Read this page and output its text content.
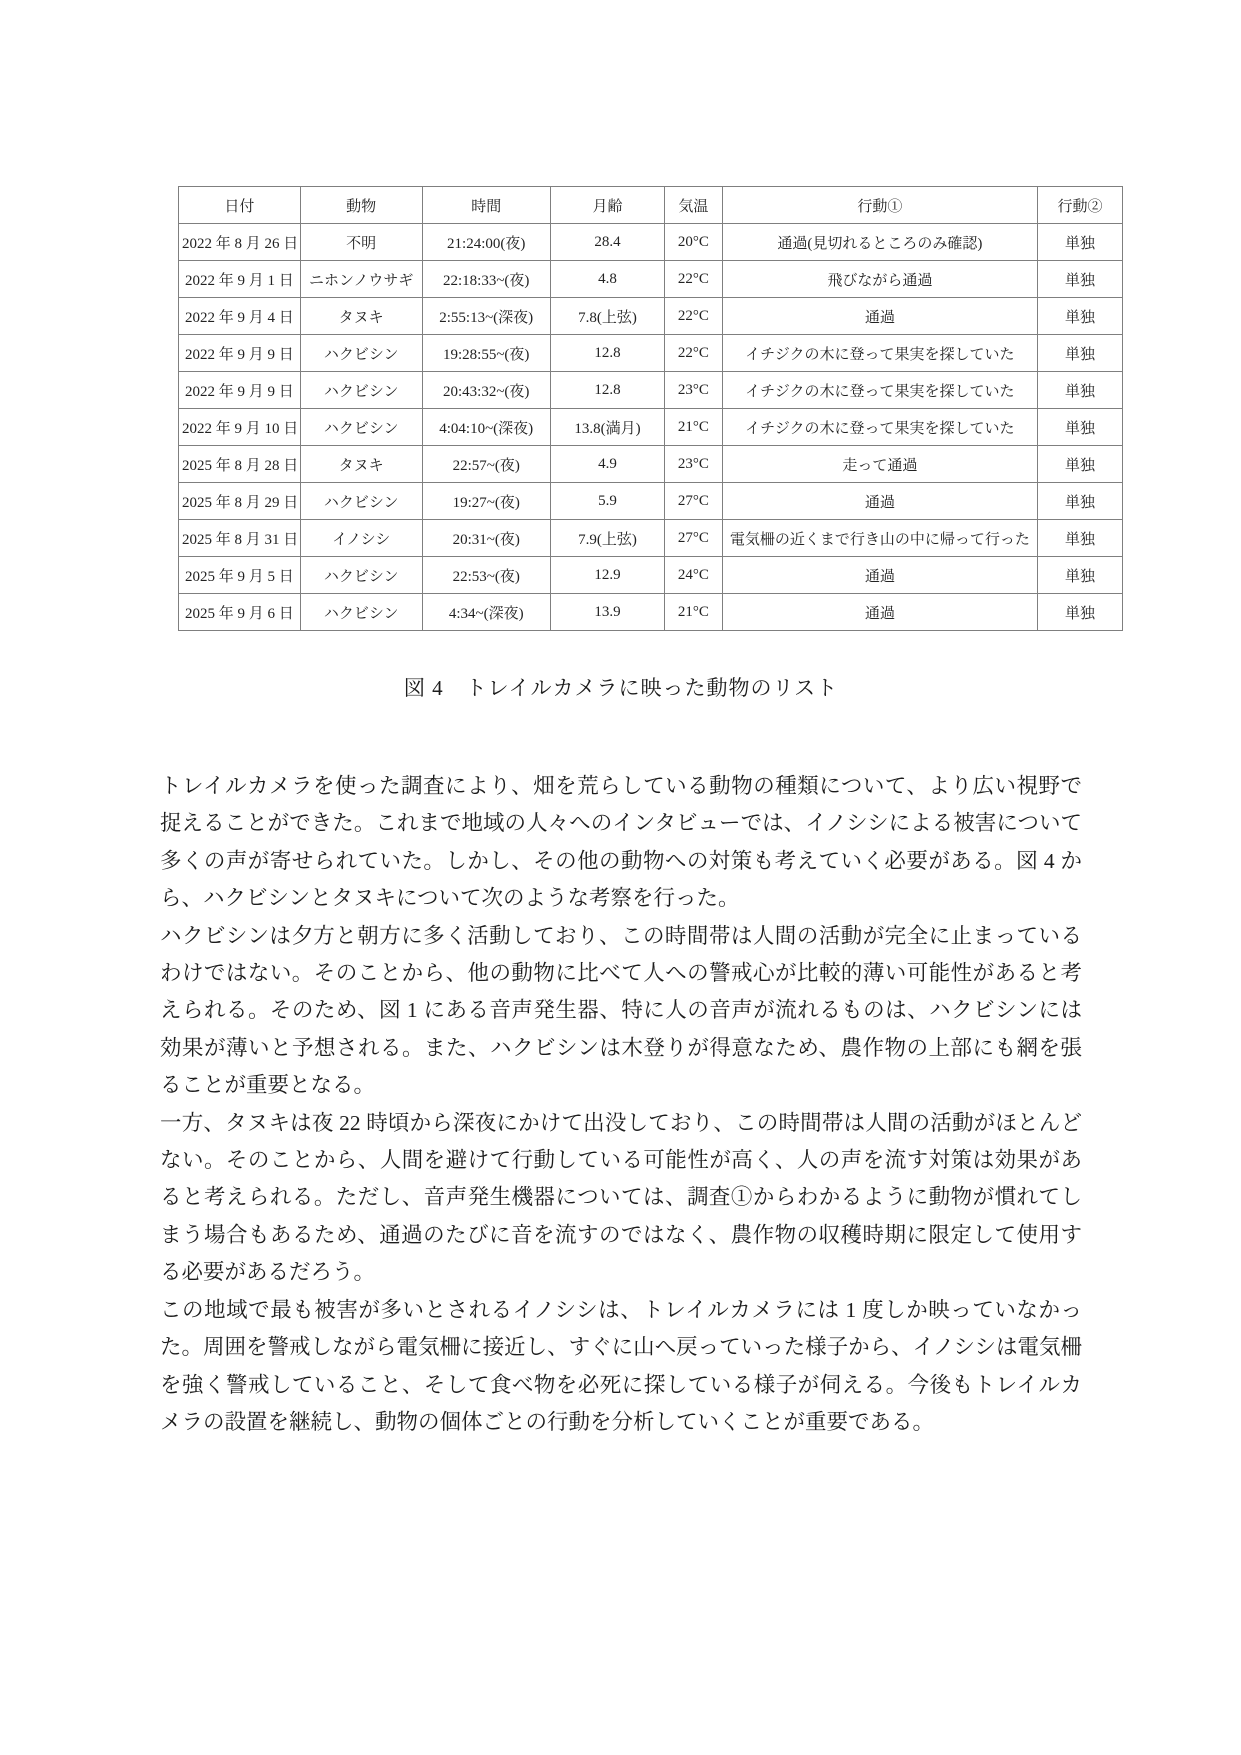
日付	動物	時間	月齢	気温	行動①	行動②
2022 年 8 月 26 日	不明	21:24:00(夜)	28.4	20°C	通過(見切れるところのみ確認)	単独
2022 年 9 月 1 日	ニホンノウサギ	22:18:33~(夜)	4.8	22°C	飛びながら通過	単独
2022 年 9 月 4 日	タヌキ	2:55:13~(深夜)	7.8(上弦)	22°C	通過	単独
2022 年 9 月 9 日	ハクビシン	19:28:55~(夜)	12.8	22°C	イチジクの木に登って果実を探していた	単独
2022 年 9 月 9 日	ハクビシン	20:43:32~(夜)	12.8	23°C	イチジクの木に登って果実を探していた	単独
2022 年 9 月 10 日	ハクビシン	4:04:10~(深夜)	13.8(満月)	21°C	イチジクの木に登って果実を探していた	単独
2025 年 8 月 28 日	タヌキ	22:57~(夜)	4.9	23°C	走って通過	単独
2025 年 8 月 29 日	ハクビシン	19:27~(夜)	5.9	27°C	通過	単独
2025 年 8 月 31 日	イノシシ	20:31~(夜)	7.9(上弦)	27°C	電気柵の近くまで行き山の中に帰って行った	単独
2025 年 9 月 5 日	ハクビシン	22:53~(夜)	12.9	24°C	通過	単独
2025 年 9 月 6 日	ハクビシン	4:34~(深夜)	13.9	21°C	通過	単独
図 4　トレイルカメラに映った動物のリスト

トレイルカメラを使った調査により、畑を荒らしている動物の種類について、より広い視野で捉えることができた。これまで地域の人々へのインタビューでは、イノシシによる被害について多くの声が寄せられていた。しかし、その他の動物への対策も考えていく必要がある。図 4 から、ハクビシンとタヌキについて次のような考察を行った。

ハクビシンは夕方と朝方に多く活動しており、この時間帯は人間の活動が完全に止まっているわけではない。そのことから、他の動物に比べて人への警戒心が比較的薄い可能性があると考えられる。そのため、図 1 にある音声発生器、特に人の音声が流れるものは、ハクビシンには効果が薄いと予想される。また、ハクビシンは木登りが得意なため、農作物の上部にも網を張ることが重要となる。

一方、タヌキは夜 22 時頃から深夜にかけて出没しており、この時間帯は人間の活動がほとんどない。そのことから、人間を避けて行動している可能性が高く、人の声を流す対策は効果があると考えられる。ただし、音声発生機器については、調査①からわかるように動物が慣れてしまう場合もあるため、通過のたびに音を流すのではなく、農作物の収穫時期に限定して使用する必要があるだろう。

この地域で最も被害が多いとされるイノシシは、トレイルカメラには 1 度しか映っていなかった。周囲を警戒しながら電気柵に接近し、すぐに山へ戻っていった様子から、イノシシは電気柵を強く警戒していること、そして食べ物を必死に探している様子が伺える。今後もトレイルカメラの設置を継続し、動物の個体ごとの行動を分析していくことが重要である。
